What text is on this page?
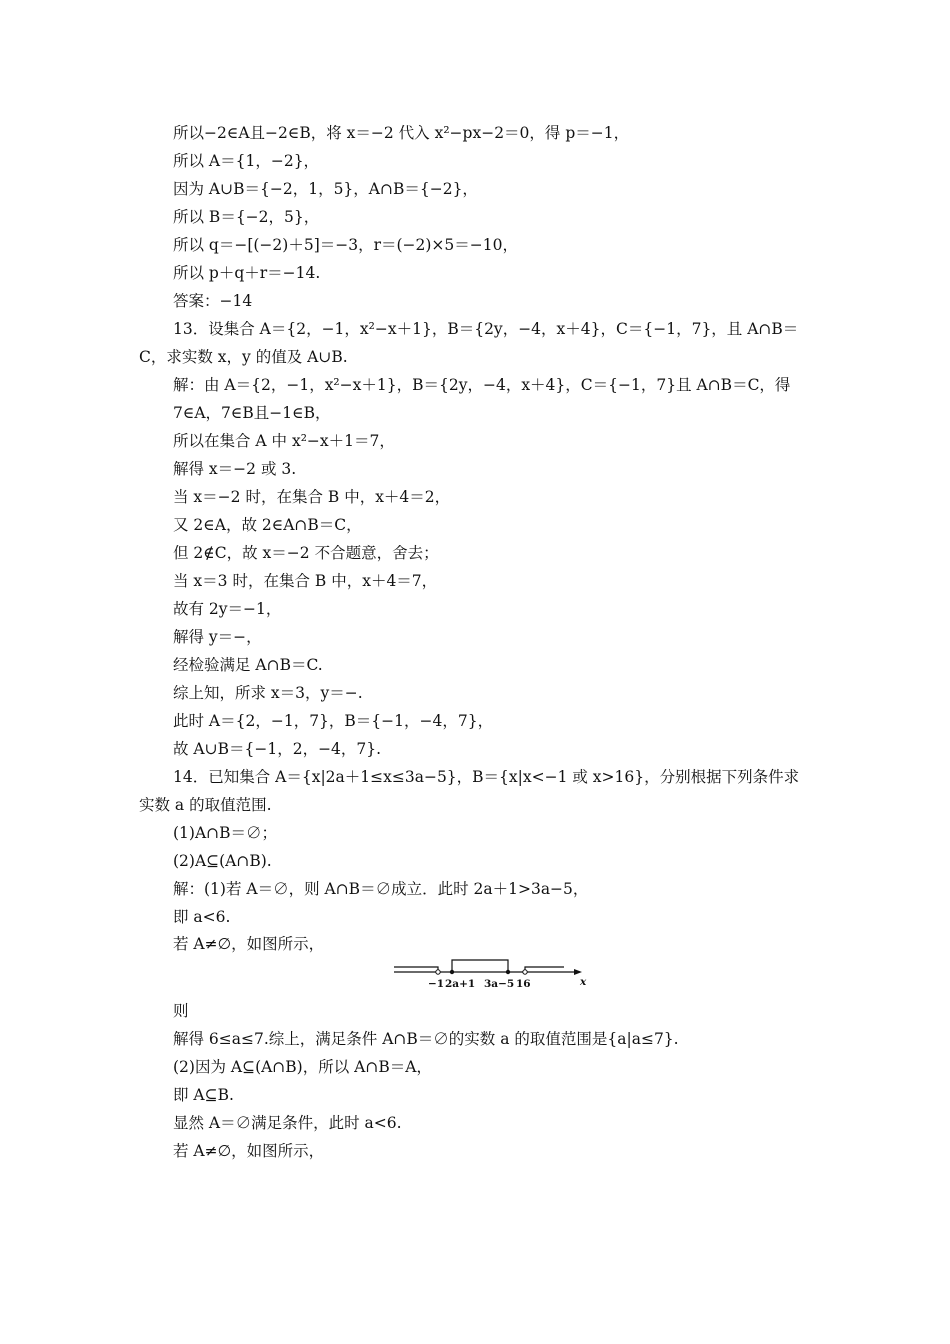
所以−2∈A且−2∈B，将 x＝−2 代入 x²−px−2＝0，得 p＝−1，
所以 A＝{1，−2}，
因为 A∪B＝{−2，1，5}，A∩B＝{−2}，
所以 B＝{−2，5}，
所以 q＝−[(−2)＋5]＝−3，r＝(−2)×5＝−10，
所以 p＋q＋r＝−14.
答案：−14
13．设集合 A＝{2，−1，x²−x＋1}，B＝{2y，−4，x＋4}，C＝{−1，7}，且 A∩B＝
C，求实数 x，y 的值及 A∪B.
解：由 A＝{2，−1，x²−x＋1}，B＝{2y，−4，x＋4}，C＝{−1，7}且 A∩B＝C，得
7∈A，7∈B且−1∈B，
所以在集合 A 中 x²−x＋1＝7，
解得 x＝−2 或 3.
当 x＝−2 时，在集合 B 中，x＋4＝2，
又 2∈A，故 2∈A∩B＝C，
但 2∉C，故 x＝−2 不合题意，舍去；
当 x＝3 时，在集合 B 中，x＋4＝7，
故有 2y＝−1，
解得 y＝−，
经检验满足 A∩B＝C.
综上知，所求 x＝3，y＝−.
此时 A＝{2，−1，7}，B＝{−1，−4，7}，
故 A∪B＝{−1，2，−4，7}.
14．已知集合 A＝{x|2a＋1≤x≤3a−5}，B＝{x|x<−1 或 x>16}，分别根据下列条件求
实数 a 的取值范围.
(1)A∩B＝∅；
(2)A⊆(A∩B).
解：(1)若 A＝∅，则 A∩B＝∅成立．此时 2a＋1>3a−5，
即 a<6.
若 A≠∅，如图所示，
−1 2a+1 3a−5 16	x
则
解得 6≤a≤7.综上，满足条件 A∩B＝∅的实数 a 的取值范围是{a|a≤7}.
(2)因为 A⊆(A∩B)，所以 A∩B＝A，
即 A⊆B.
显然 A＝∅满足条件，此时 a<6.
若 A≠∅，如图所示，
